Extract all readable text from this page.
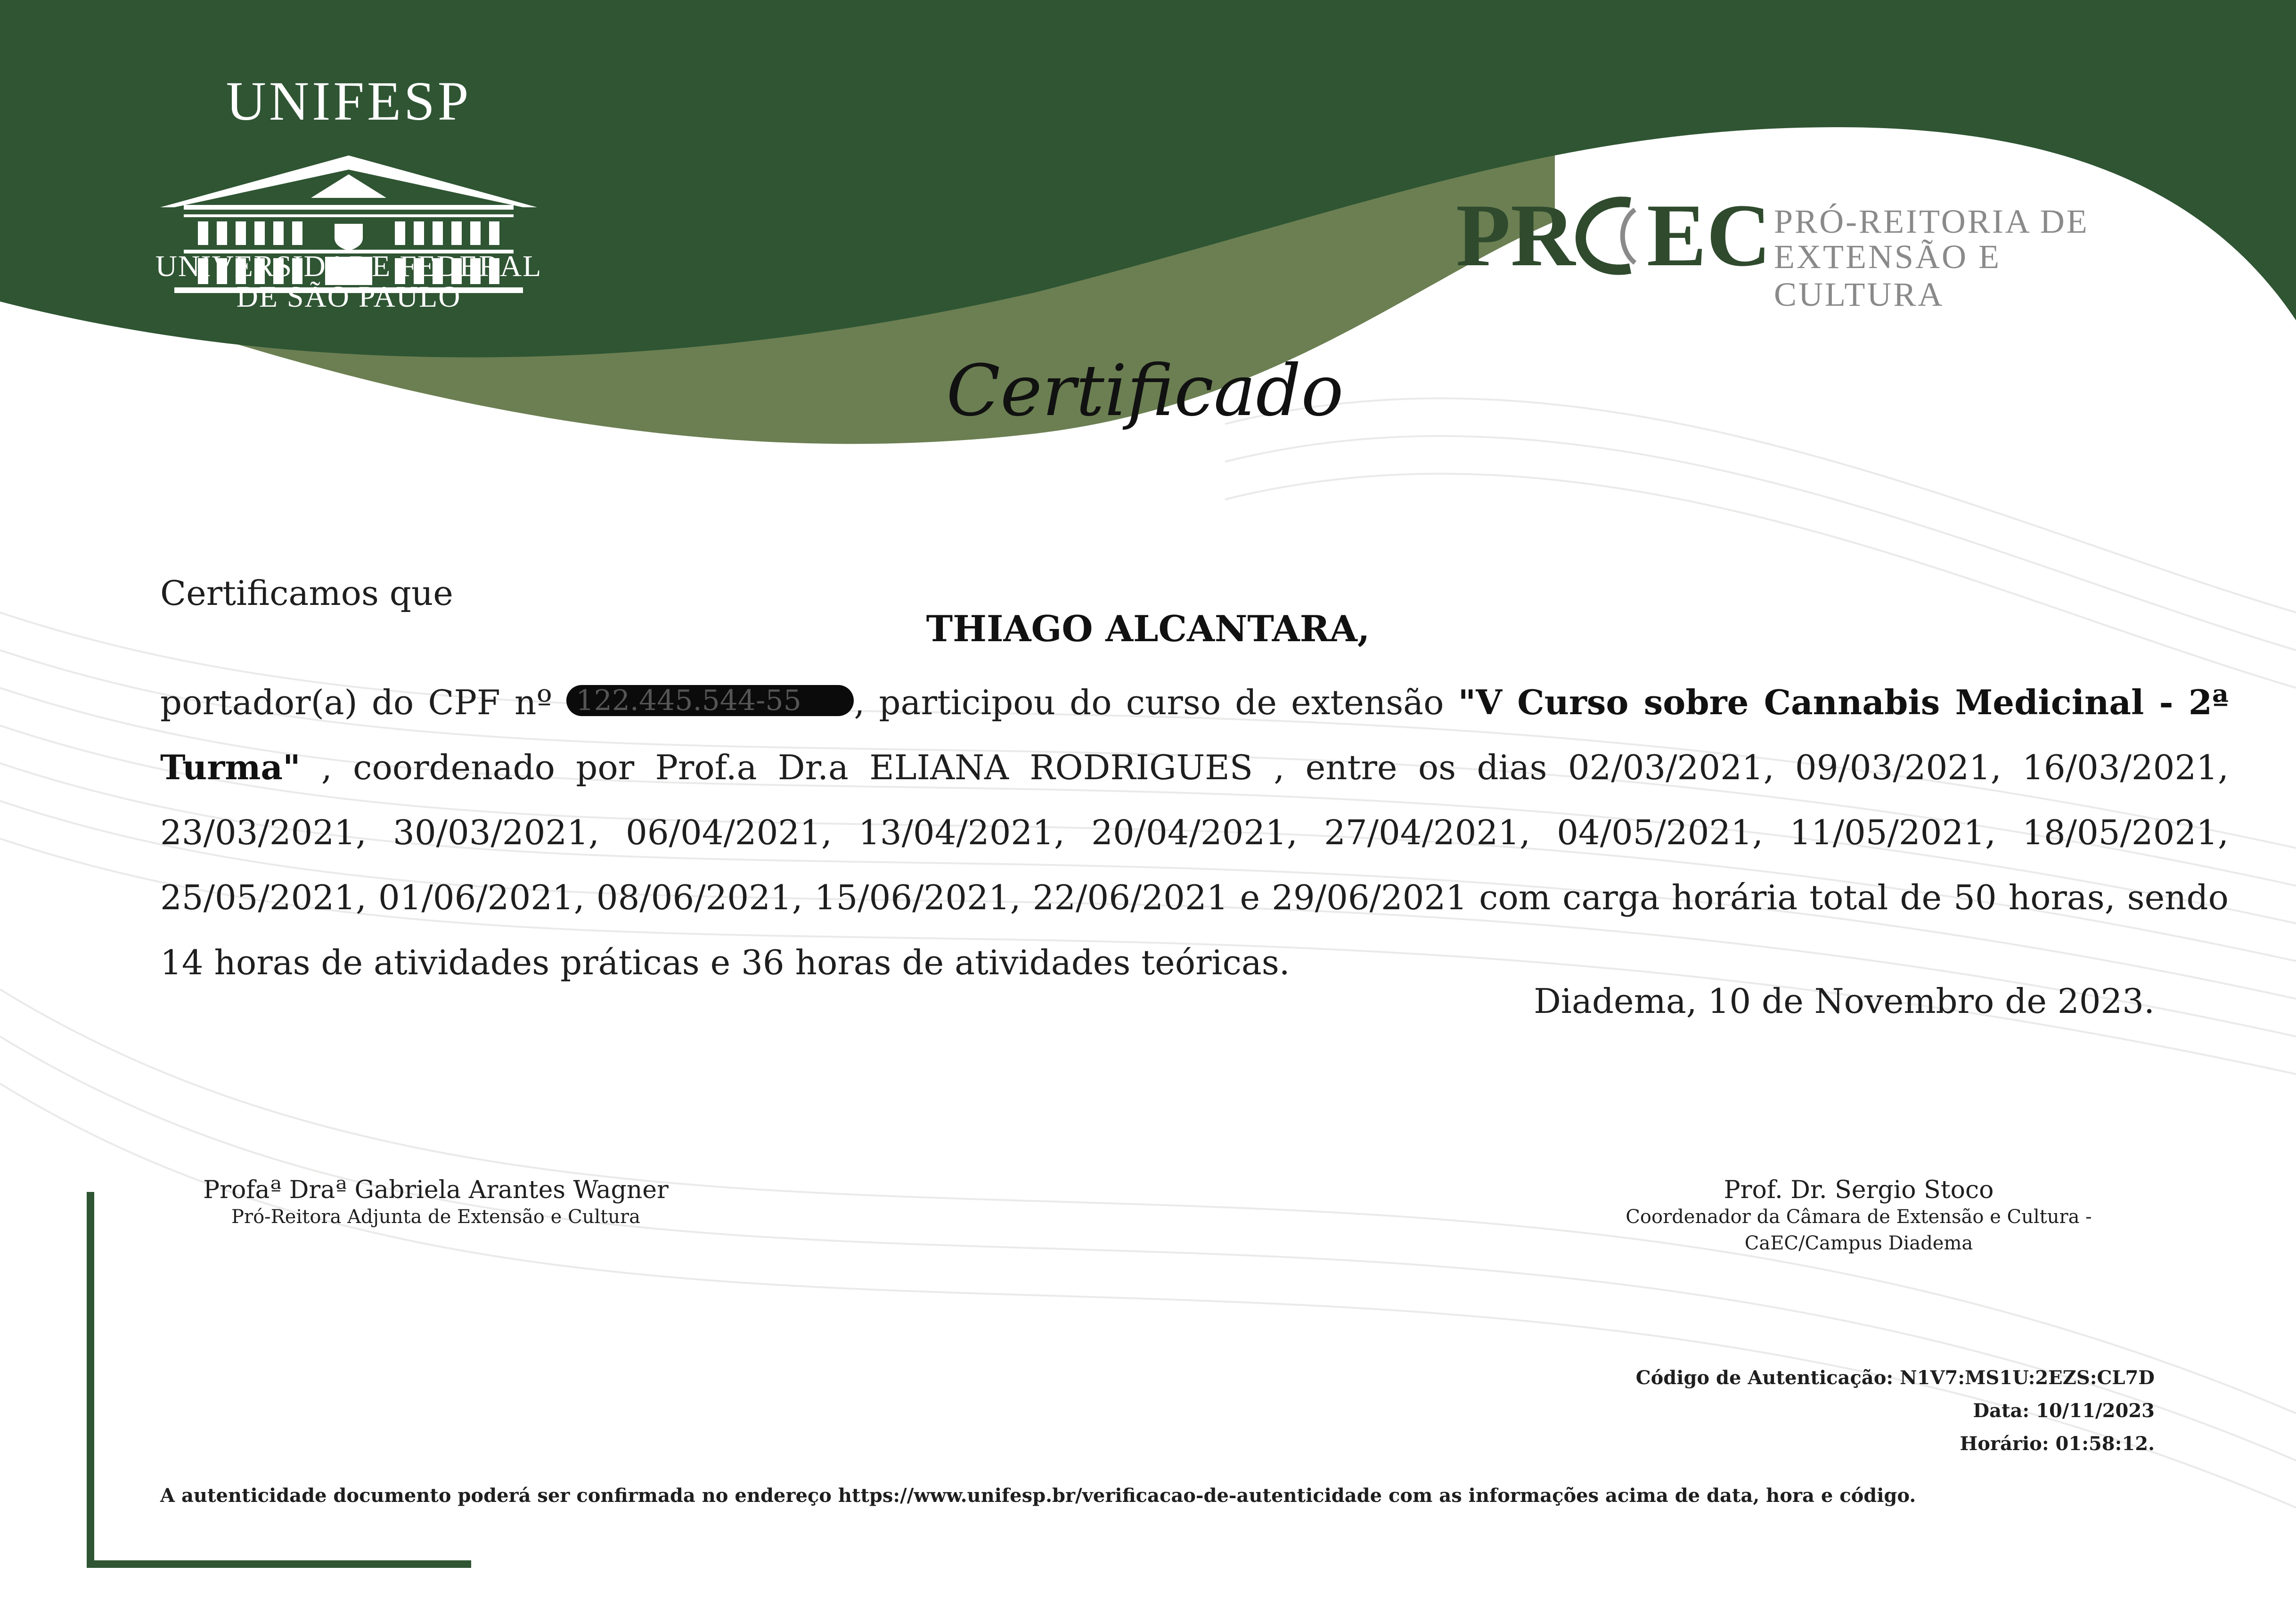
UNIFESP
UNIVERSIDADE FEDERAL
DE SÃO PAULO
PR EC PRÓ-REITORIA DE
EXTENSÃO E CULTURA
Certificado
Certificamos que
THIAGO ALCANTARA,

portador(a) do CPF nº 122.445.544-55 , participou do curso de extensão "V Curso sobre Cannabis Medicinal - 2ª Turma" , coordenado por Prof.a Dr.a ELIANA RODRIGUES , entre os dias 02/03/2021, 09/03/2021, 16/03/2021, 23/03/2021, 30/03/2021, 06/04/2021, 13/04/2021, 20/04/2021, 27/04/2021, 04/05/2021, 11/05/2021, 18/05/2021, 25/05/2021, 01/06/2021, 08/06/2021, 15/06/2021, 22/06/2021 e 29/06/2021 com carga horária total de 50 horas, sendo 14 horas de atividades práticas e 36 horas de atividades teóricas.

Diadema, 10 de Novembro de 2023.
Profaª Draª Gabriela Arantes Wagner
Pró-Reitora Adjunta de Extensão e Cultura
Prof. Dr. Sergio Stoco
Coordenador da Câmara de Extensão e Cultura -
CaEC/Campus Diadema
Código de Autenticação: N1V7:MS1U:2EZS:CL7D
Data: 10/11/2023
Horário: 01:58:12.
A autenticidade documento poderá ser confirmada no endereço https://www.unifesp.br/verificacao-de-autenticidade com as informações acima de data, hora e código.
